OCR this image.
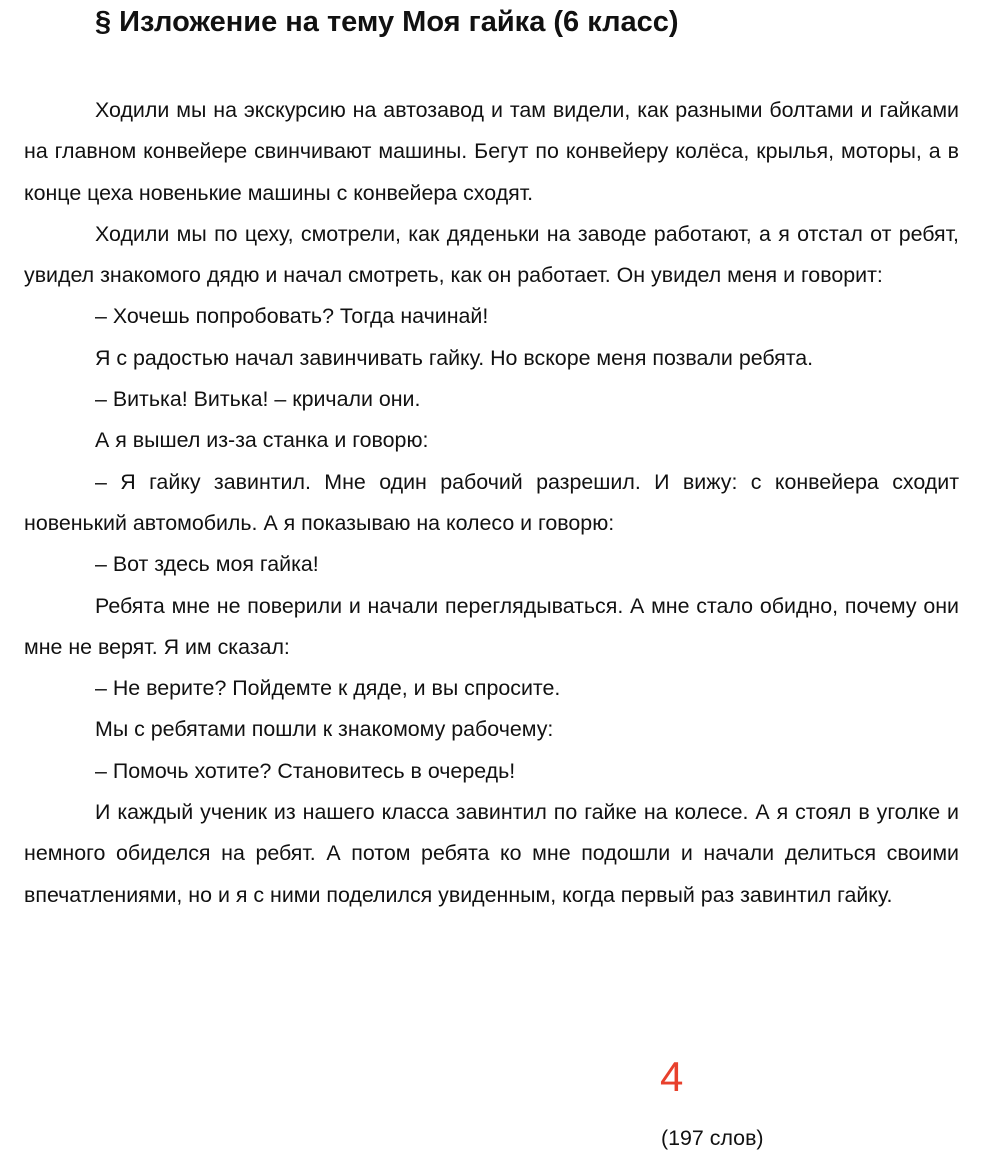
§ Изложение на тему Моя гайка (6 класс)

Ходили мы на экскурсию на автозавод и там видели, как разными болтами и гайками на главном конвейере свинчивают машины. Бегут по конвейеру колёса, крылья, моторы, а в конце цеха новенькие машины с конвейера сходят.

Ходили мы по цеху, смотрели, как дяденьки на заводе работают, а я отстал от ребят, увидел знакомого дядю и начал смотреть, как он работает. Он увидел меня и говорит:

– Хочешь попробовать? Тогда начинай!

Я с радостью начал завинчивать гайку. Но вскоре меня позвали ребята.

– Витька! Витька! – кричали они.

А я вышел из-за станка и говорю:

– Я гайку завинтил. Мне один рабочий разрешил. И вижу: с конвейера сходит новенький автомобиль. А я показываю на колесо и говорю:

– Вот здесь моя гайка!

Ребята мне не поверили и начали переглядываться. А мне стало обидно, почему они мне не верят. Я им сказал:

– Не верите? Пойдемте к дяде, и вы спросите.

Мы с ребятами пошли к знакомому рабочему:

– Помочь хотите? Становитесь в очередь!

И каждый ученик из нашего класса завинтил по гайке на колесе. А я стоял в уголке и немного обиделся на ребят. А потом ребята ко мне подошли и начали делиться своими впечатлениями, но и я с ними поделился увиденным, когда первый раз завинтил гайку.

4
(197 слов)
